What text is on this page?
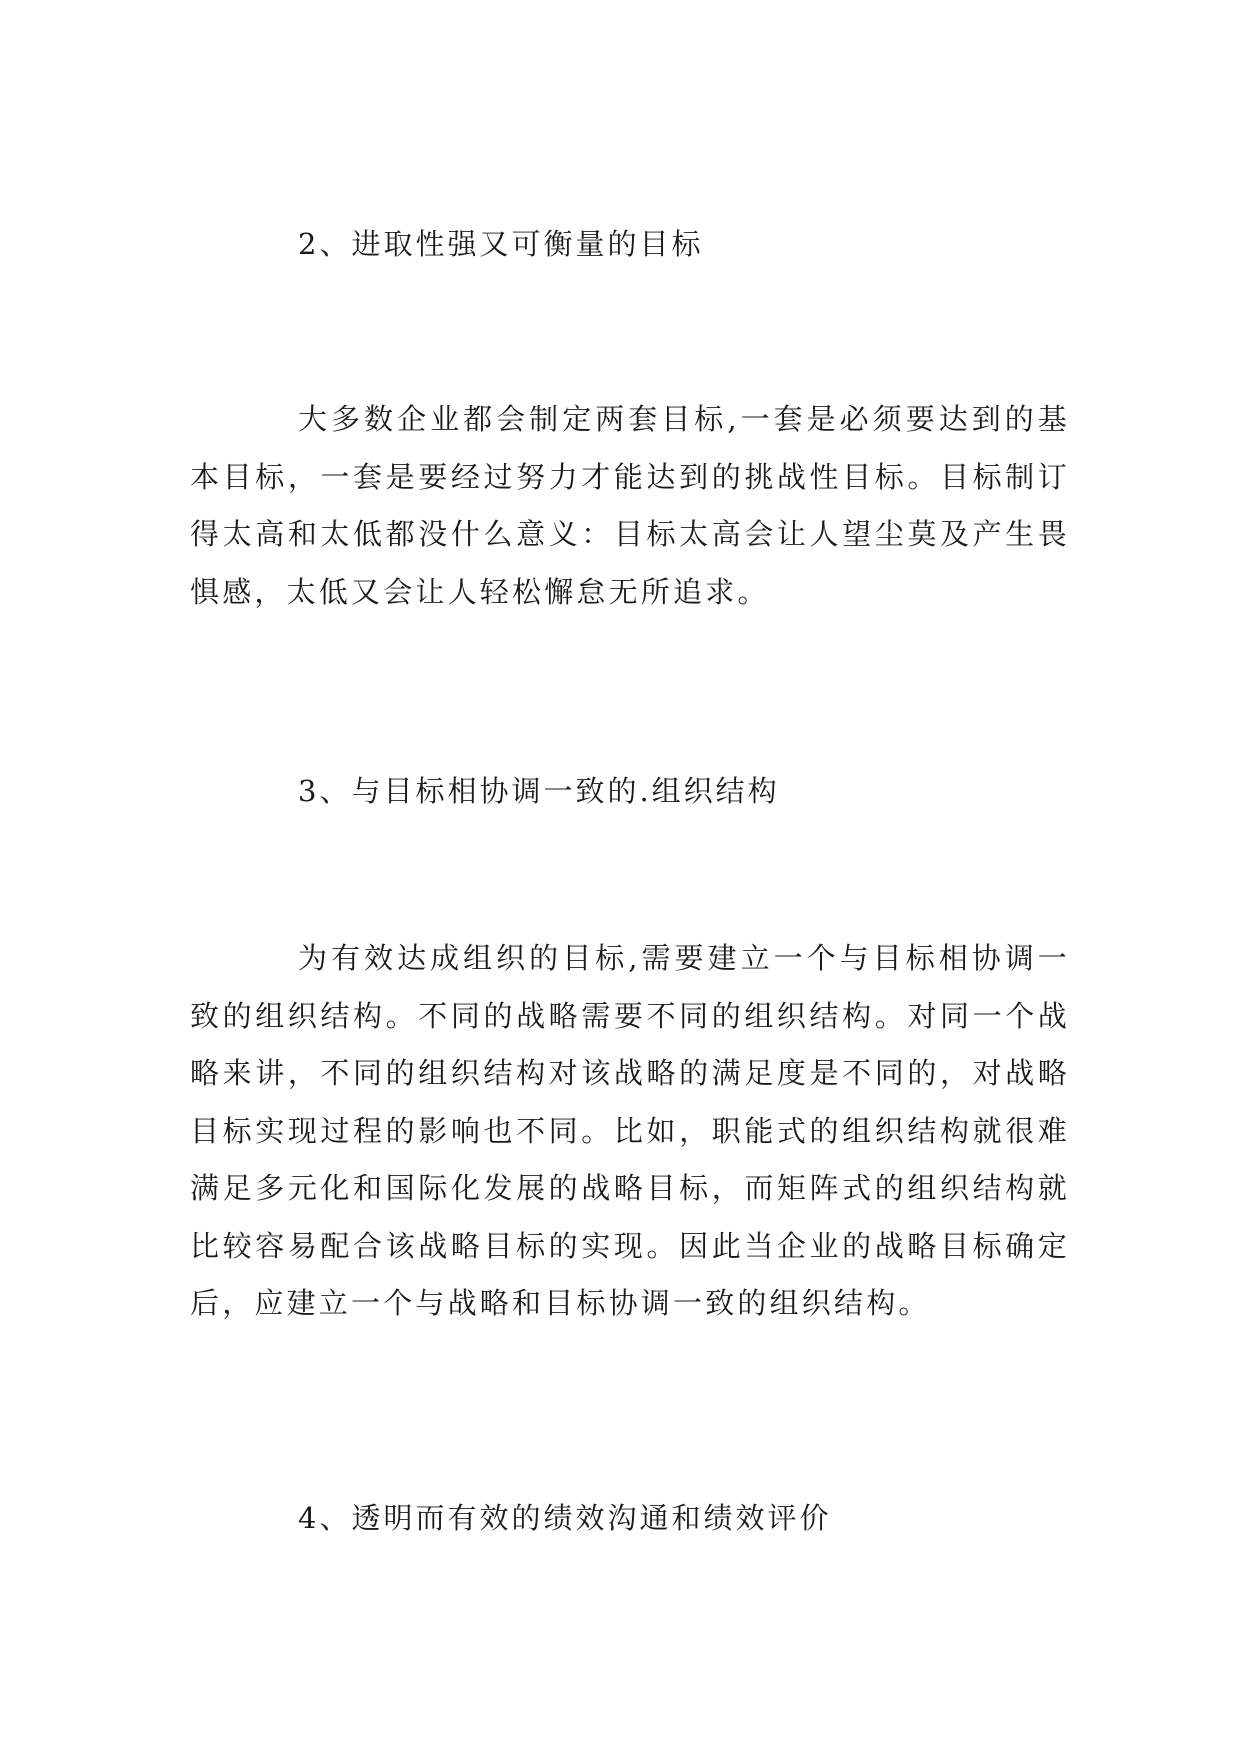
2、进取性强又可衡量的目标

大多数企业都会制定两套目标,一套是必须要达到的基本目标，一套是要经过努力才能达到的挑战性目标。目标制订得太高和太低都没什么意义：目标太高会让人望尘莫及产生畏惧感，太低又会让人轻松懈怠无所追求。

3、与目标相协调一致的.组织结构

为有效达成组织的目标,需要建立一个与目标相协调一致的组织结构。不同的战略需要不同的组织结构。对同一个战略来讲，不同的组织结构对该战略的满足度是不同的，对战略目标实现过程的影响也不同。比如，职能式的组织结构就很难满足多元化和国际化发展的战略目标，而矩阵式的组织结构就比较容易配合该战略目标的实现。因此当企业的战略目标确定后，应建立一个与战略和目标协调一致的组织结构。

4、透明而有效的绩效沟通和绩效评价
